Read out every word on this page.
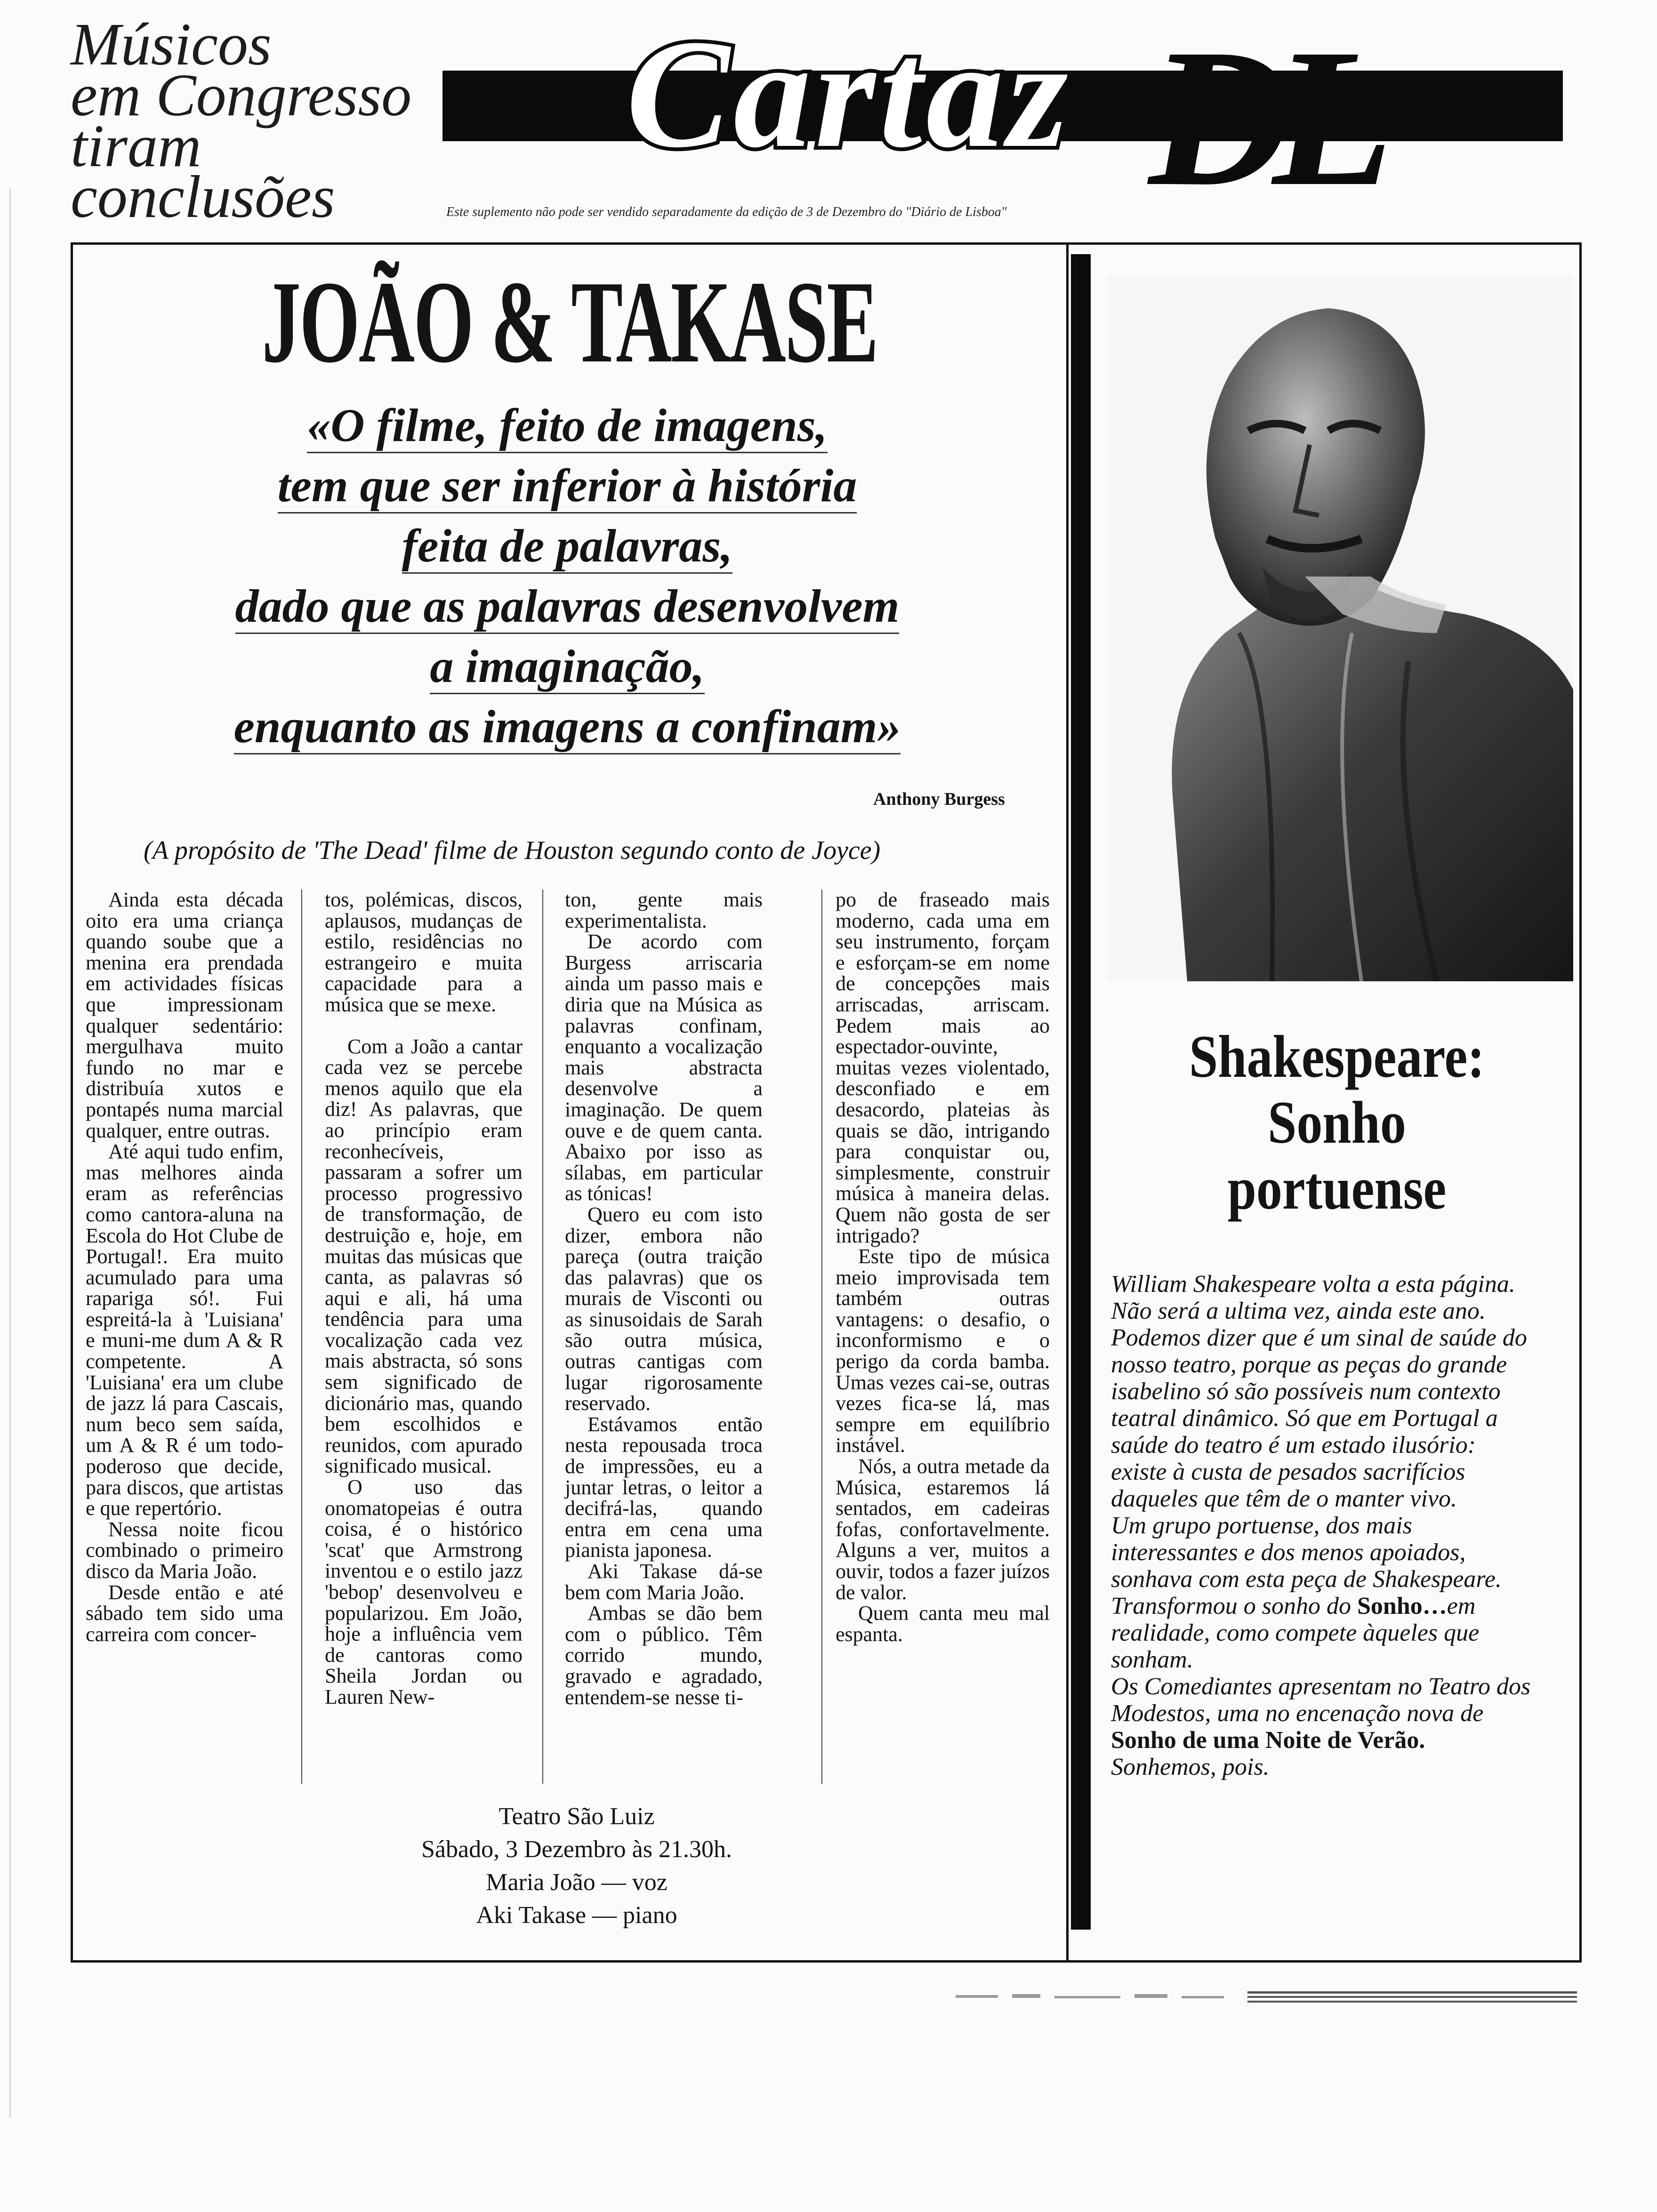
Músicos
em Congresso
tiram
conclusões
Cartaz DL
Este suplemento não pode ser vendido separadamente da edição de 3 de Dezembro do "Diário de Lisboa"
JOÃO & TAKASE
«O filme, feito de imagens,
tem que ser inferior à história
feita de palavras,
dado que as palavras desenvolvem
a imaginação,
enquanto as imagens a confinam»
Anthony Burgess
(A propósito de 'The Dead' filme de Houston segundo conto de Joyce)

Ainda esta década oito era uma criança quando soube que a menina era prendada em actividades físicas que impressionam qualquer sedentário: mergulhava muito fundo no mar e distribuía xutos e pontapés numa marcial qualquer, entre outras.

Até aqui tudo enfim, mas melhores ainda eram as referências como cantora-aluna na Escola do Hot Clube de Portugal!. Era muito acumulado para uma rapariga só!. Fui espreitá-la à 'Luisiana' e muni-me dum A & R competente. A 'Luisiana' era um clube de jazz lá para Cascais, num beco sem saída, um A & R é um todo-poderoso que decide, para discos, que artistas e que repertório.

Nessa noite ficou combinado o primeiro disco da Maria João.

Desde então e até sábado tem sido uma carreira com concer-

tos, polémicas, discos, aplausos, mudanças de estilo, residências no estrangeiro e muita capacidade para a música que se mexe.

Com a João a cantar cada vez se percebe menos aquilo que ela diz! As palavras, que ao princípio eram reconhecíveis, passaram a sofrer um processo progressivo de transformação, de destruição e, hoje, em muitas das músicas que canta, as palavras só aqui e ali, há uma tendência para uma vocalização cada vez mais abstracta, só sons sem significado de dicionário mas, quando bem escolhidos e reunidos, com apurado significado musical.

O uso das onomatopeias é outra coisa, é o histórico 'scat' que Armstrong inventou e o estilo jazz 'bebop' desenvolveu e popularizou. Em João, hoje a influência vem de cantoras como Sheila Jordan ou Lauren New-

ton, gente mais experimentalista.

De acordo com Burgess arriscaria ainda um passo mais e diria que na Música as palavras confinam, enquanto a vocalização mais abstracta desenvolve a imaginação. De quem ouve e de quem canta. Abaixo por isso as sílabas, em particular as tónicas!

Quero eu com isto dizer, embora não pareça (outra traição das palavras) que os murais de Visconti ou as sinusoidais de Sarah são outra música, outras cantigas com lugar rigorosamente reservado.

Estávamos então nesta repousada troca de impressões, eu a juntar letras, o leitor a decifrá-las, quando entra em cena uma pianista japonesa.

Aki Takase dá-se bem com Maria João.

Ambas se dão bem com o público. Têm corrido mundo, gravado e agradado, entendem-se nesse ti-

po de fraseado mais moderno, cada uma em seu instrumento, forçam e esforçam-se em nome de concepções mais arriscadas, arriscam. Pedem mais ao espectador-ouvinte, muitas vezes violentado, desconfiado e em desacordo, plateias às quais se dão, intrigando para conquistar ou, simplesmente, construir música à maneira delas. Quem não gosta de ser intrigado?

Este tipo de música meio improvisada tem também outras vantagens: o desafio, o inconformismo e o perigo da corda bamba. Umas vezes cai-se, outras vezes fica-se lá, mas sempre em equilíbrio instável.

Nós, a outra metade da Música, estaremos lá sentados, em cadeiras fofas, confortavelmente. Alguns a ver, muitos a ouvir, todos a fazer juízos de valor.

Quem canta meu mal espanta.

Teatro São Luiz
Sábado, 3 Dezembro às 21.30h.
Maria João — voz
Aki Takase — piano
Shakespeare:
Sonho
portuense

William Shakespeare volta a esta página. Não será a ultima vez, ainda este ano.

Podemos dizer que é um sinal de saúde do nosso teatro, porque as peças do grande isabelino só são possíveis num contexto teatral dinâmico. Só que em Portugal a saúde do teatro é um estado ilusório: existe à custa de pesados sacrifícios daqueles que têm de o manter vivo.

Um grupo portuense, dos mais interessantes e dos menos apoiados, sonhava com esta peça de Shakespeare.

Transformou o sonho do Sonho…em realidade, como compete àqueles que sonham.

Os Comediantes apresentam no Teatro dos Modestos, uma no encenação nova de Sonho de uma Noite de Verão. Sonhemos, pois.
